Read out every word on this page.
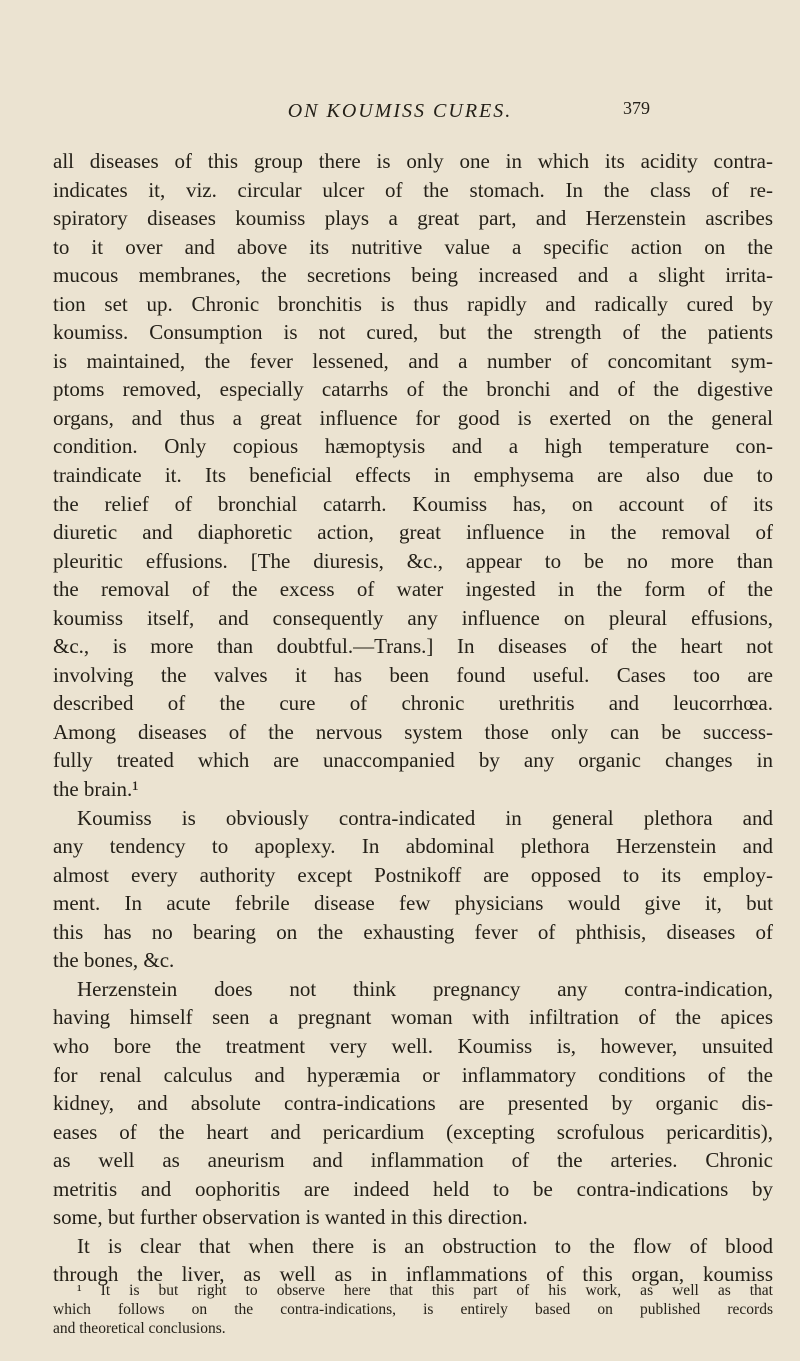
ON KOUMISS CURES.	379
all diseases of this group there is only one in which its acidity contra-
indicates it, viz. circular ulcer of the stomach. In the class of re-
spiratory diseases koumiss plays a great part, and Herzenstein ascribes
to it over and above its nutritive value a specific action on the
mucous membranes, the secretions being increased and a slight irrita-
tion set up. Chronic bronchitis is thus rapidly and radically cured by
koumiss. Consumption is not cured, but the strength of the patients
is maintained, the fever lessened, and a number of concomitant sym-
ptoms removed, especially catarrhs of the bronchi and of the digestive
organs, and thus a great influence for good is exerted on the general
condition. Only copious hæmoptysis and a high temperature con-
traindicate it. Its beneficial effects in emphysema are also due to
the relief of bronchial catarrh. Koumiss has, on account of its
diuretic and diaphoretic action, great influence in the removal of
pleuritic effusions. [The diuresis, &c., appear to be no more than
the removal of the excess of water ingested in the form of the
koumiss itself, and consequently any influence on pleural effusions,
&c., is more than doubtful.—Trans.] In diseases of the heart not
involving the valves it has been found useful. Cases too are
described of the cure of chronic urethritis and leucorrhœa.
Among diseases of the nervous system those only can be success-
fully treated which are unaccompanied by any organic changes in
the brain.¹
Koumiss is obviously contra-indicated in general plethora and
any tendency to apoplexy. In abdominal plethora Herzenstein and
almost every authority except Postnikoff are opposed to its employ-
ment. In acute febrile disease few physicians would give it, but
this has no bearing on the exhausting fever of phthisis, diseases of
the bones, &c.
Herzenstein does not think pregnancy any contra-indication,
having himself seen a pregnant woman with infiltration of the apices
who bore the treatment very well. Koumiss is, however, unsuited
for renal calculus and hyperæmia or inflammatory conditions of the
kidney, and absolute contra-indications are presented by organic dis-
eases of the heart and pericardium (excepting scrofulous pericarditis),
as well as aneurism and inflammation of the arteries. Chronic
metritis and oophoritis are indeed held to be contra-indications by
some, but further observation is wanted in this direction.
It is clear that when there is an obstruction to the flow of blood
through the liver, as well as in inflammations of this organ, koumiss
¹ It is but right to observe here that this part of his work, as well as that
which follows on the contra-indications, is entirely based on published records
and theoretical conclusions.
